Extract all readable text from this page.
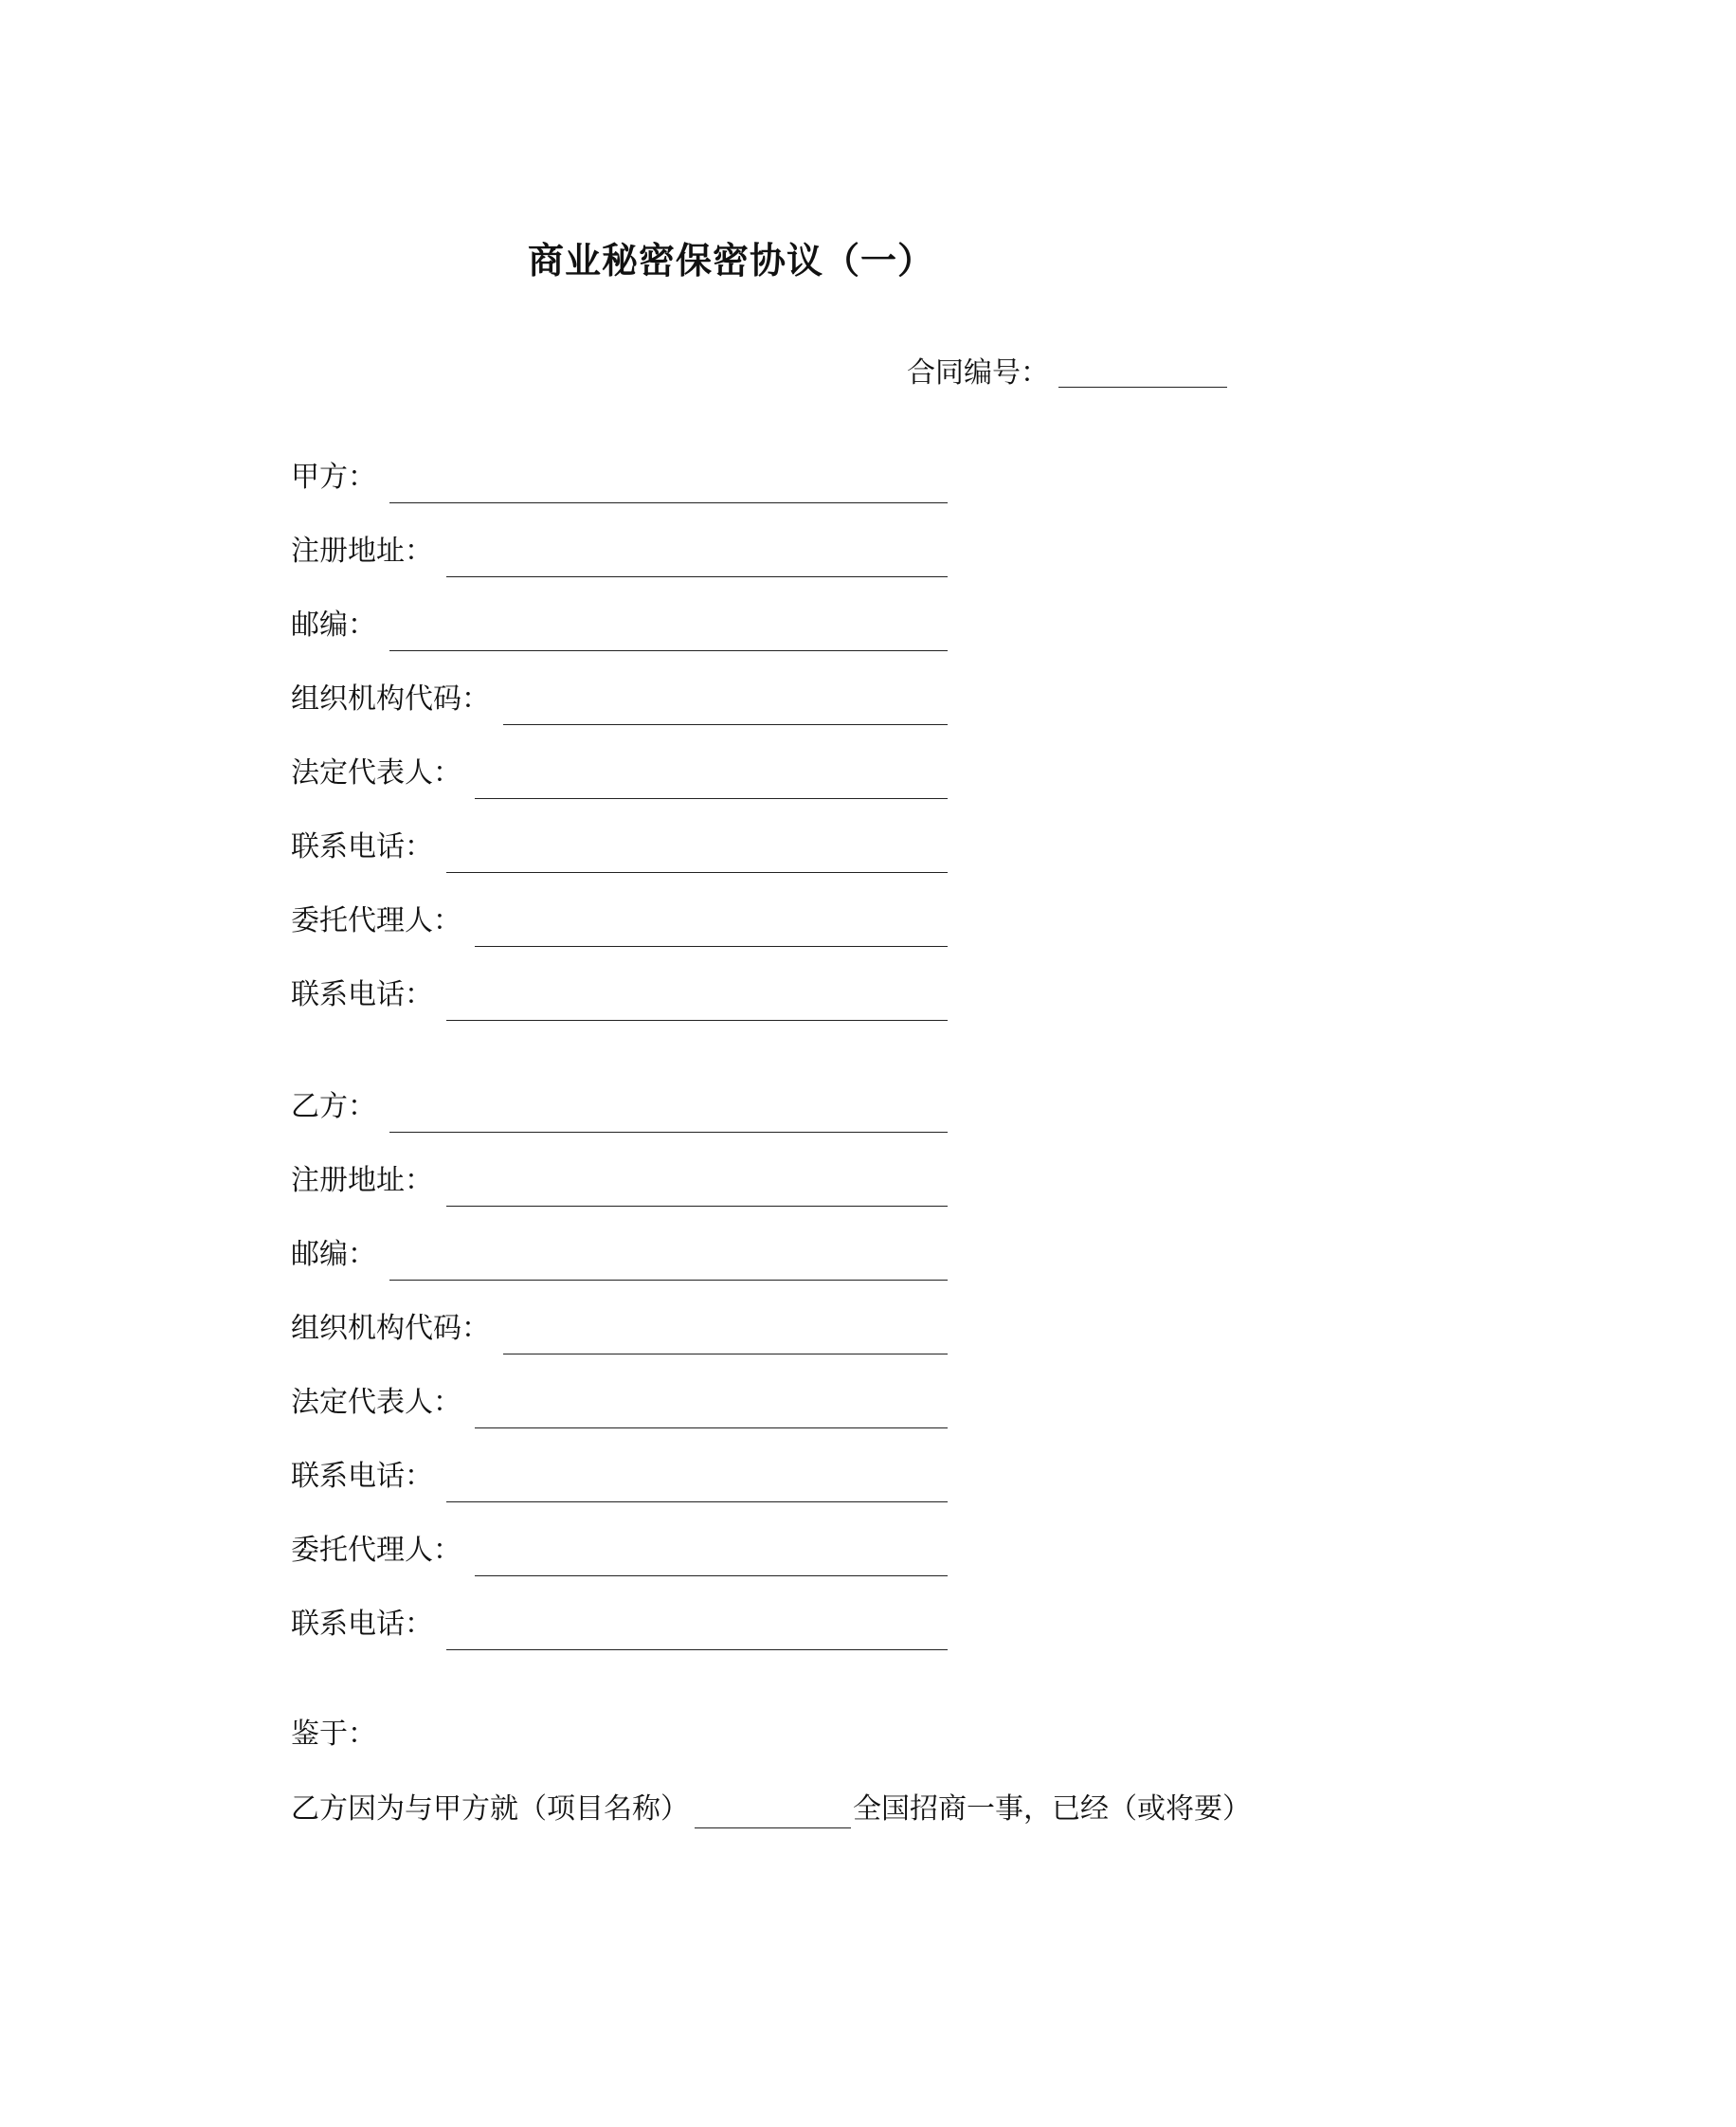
商业秘密保密协议（一）
合同编号：
甲方：
注册地址：
邮编：
组织机构代码：
法定代表人：
联系电话：
委托代理人：
联系电话：
乙方：
注册地址：
邮编：
组织机构代码：
法定代表人：
联系电话：
委托代理人：
联系电话：
鉴于：
乙方因为与甲方就（项目名称）	全国招商一事，已经（或将要）
